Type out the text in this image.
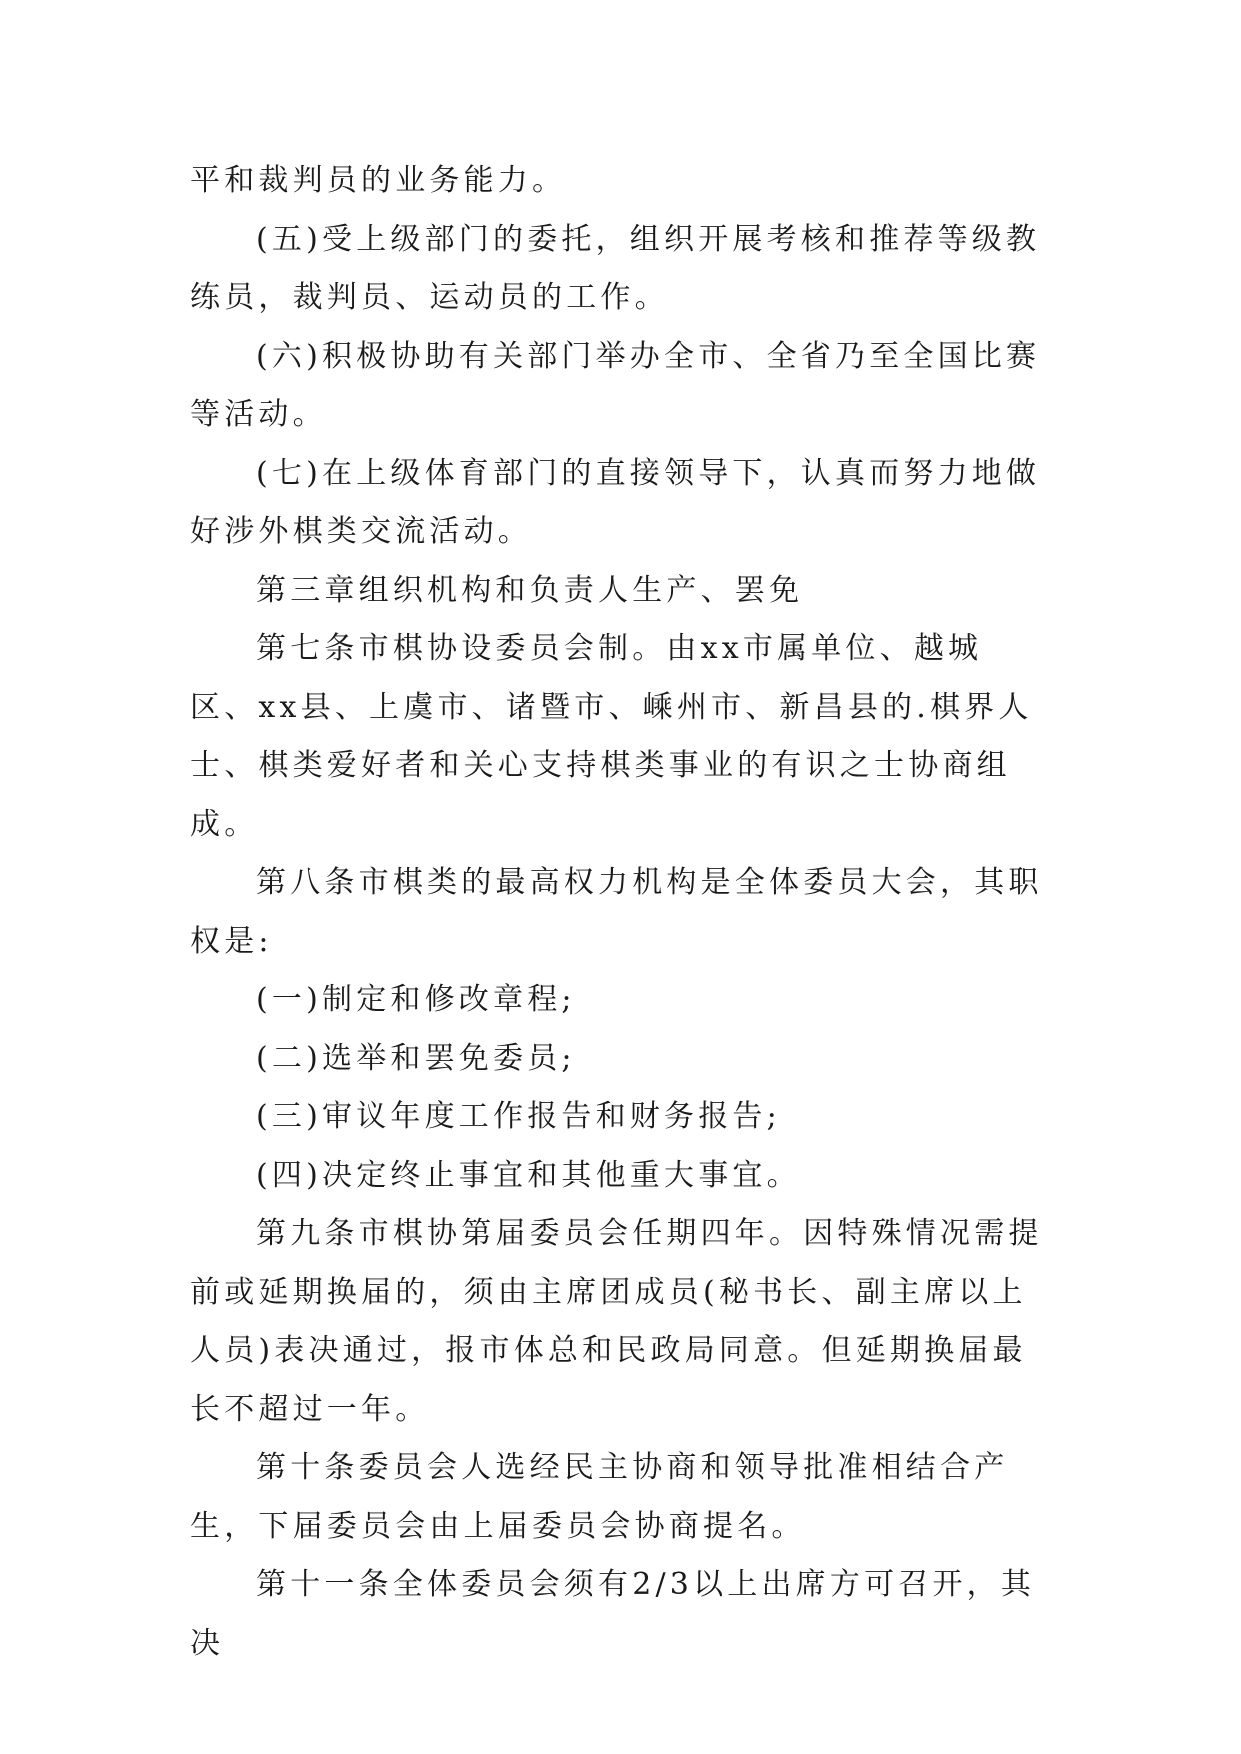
平和裁判员的业务能力。

(五)受上级部门的委托，组织开展考核和推荐等级教练员，裁判员、运动员的工作。

(六)积极协助有关部门举办全市、全省乃至全国比赛等活动。

(七)在上级体育部门的直接领导下，认真而努力地做好涉外棋类交流活动。

第三章组织机构和负责人生产、罢免

第七条市棋协设委员会制。由xx市属单位、越城区、xx县、上虞市、诸暨市、嵊州市、新昌县的.棋界人士、棋类爱好者和关心支持棋类事业的有识之士协商组成。

第八条市棋类的最高权力机构是全体委员大会，其职权是:

(一)制定和修改章程;

(二)选举和罢免委员;

(三)审议年度工作报告和财务报告;

(四)决定终止事宜和其他重大事宜。

第九条市棋协第届委员会任期四年。因特殊情况需提前或延期换届的，须由主席团成员(秘书长、副主席以上人员)表决通过，报市体总和民政局同意。但延期换届最长不超过一年。

第十条委员会人选经民主协商和领导批准相结合产生，下届委员会由上届委员会协商提名。

第十一条全体委员会须有2/3以上出席方可召开，其决
